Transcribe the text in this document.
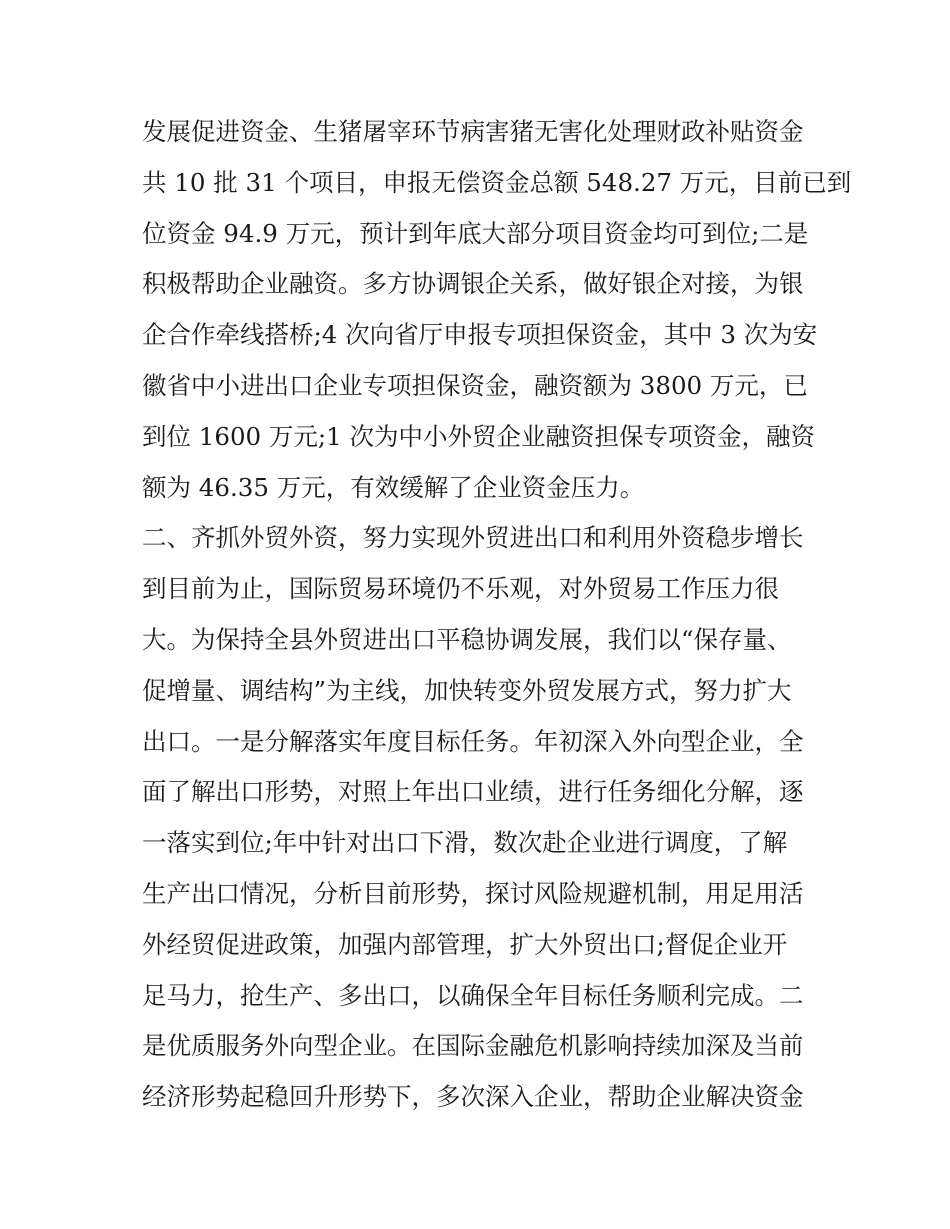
发展促进资金、生猪屠宰环节病害猪无害化处理财政补贴资金
共 10 批 31 个项目，申报无偿资金总额 548.27 万元，目前已到
位资金 94.9 万元，预计到年底大部分项目资金均可到位;二是
积极帮助企业融资。多方协调银企关系，做好银企对接，为银
企合作牵线搭桥;4 次向省厅申报专项担保资金，其中 3 次为安
徽省中小进出口企业专项担保资金，融资额为 3800 万元，已
到位 1600 万元;1 次为中小外贸企业融资担保专项资金，融资
额为 46.35 万元，有效缓解了企业资金压力。
二、齐抓外贸外资，努力实现外贸进出口和利用外资稳步增长
到目前为止，国际贸易环境仍不乐观，对外贸易工作压力很
大。为保持全县外贸进出口平稳协调发展，我们以“保存量、
促增量、调结构”为主线，加快转变外贸发展方式，努力扩大
出口。一是分解落实年度目标任务。年初深入外向型企业，全
面了解出口形势，对照上年出口业绩，进行任务细化分解，逐
一落实到位;年中针对出口下滑，数次赴企业进行调度，了解
生产出口情况，分析目前形势，探讨风险规避机制，用足用活
外经贸促进政策，加强内部管理，扩大外贸出口;督促企业开
足马力，抢生产、多出口，以确保全年目标任务顺利完成。二
是优质服务外向型企业。在国际金融危机影响持续加深及当前
经济形势起稳回升形势下，多次深入企业，帮助企业解决资金
